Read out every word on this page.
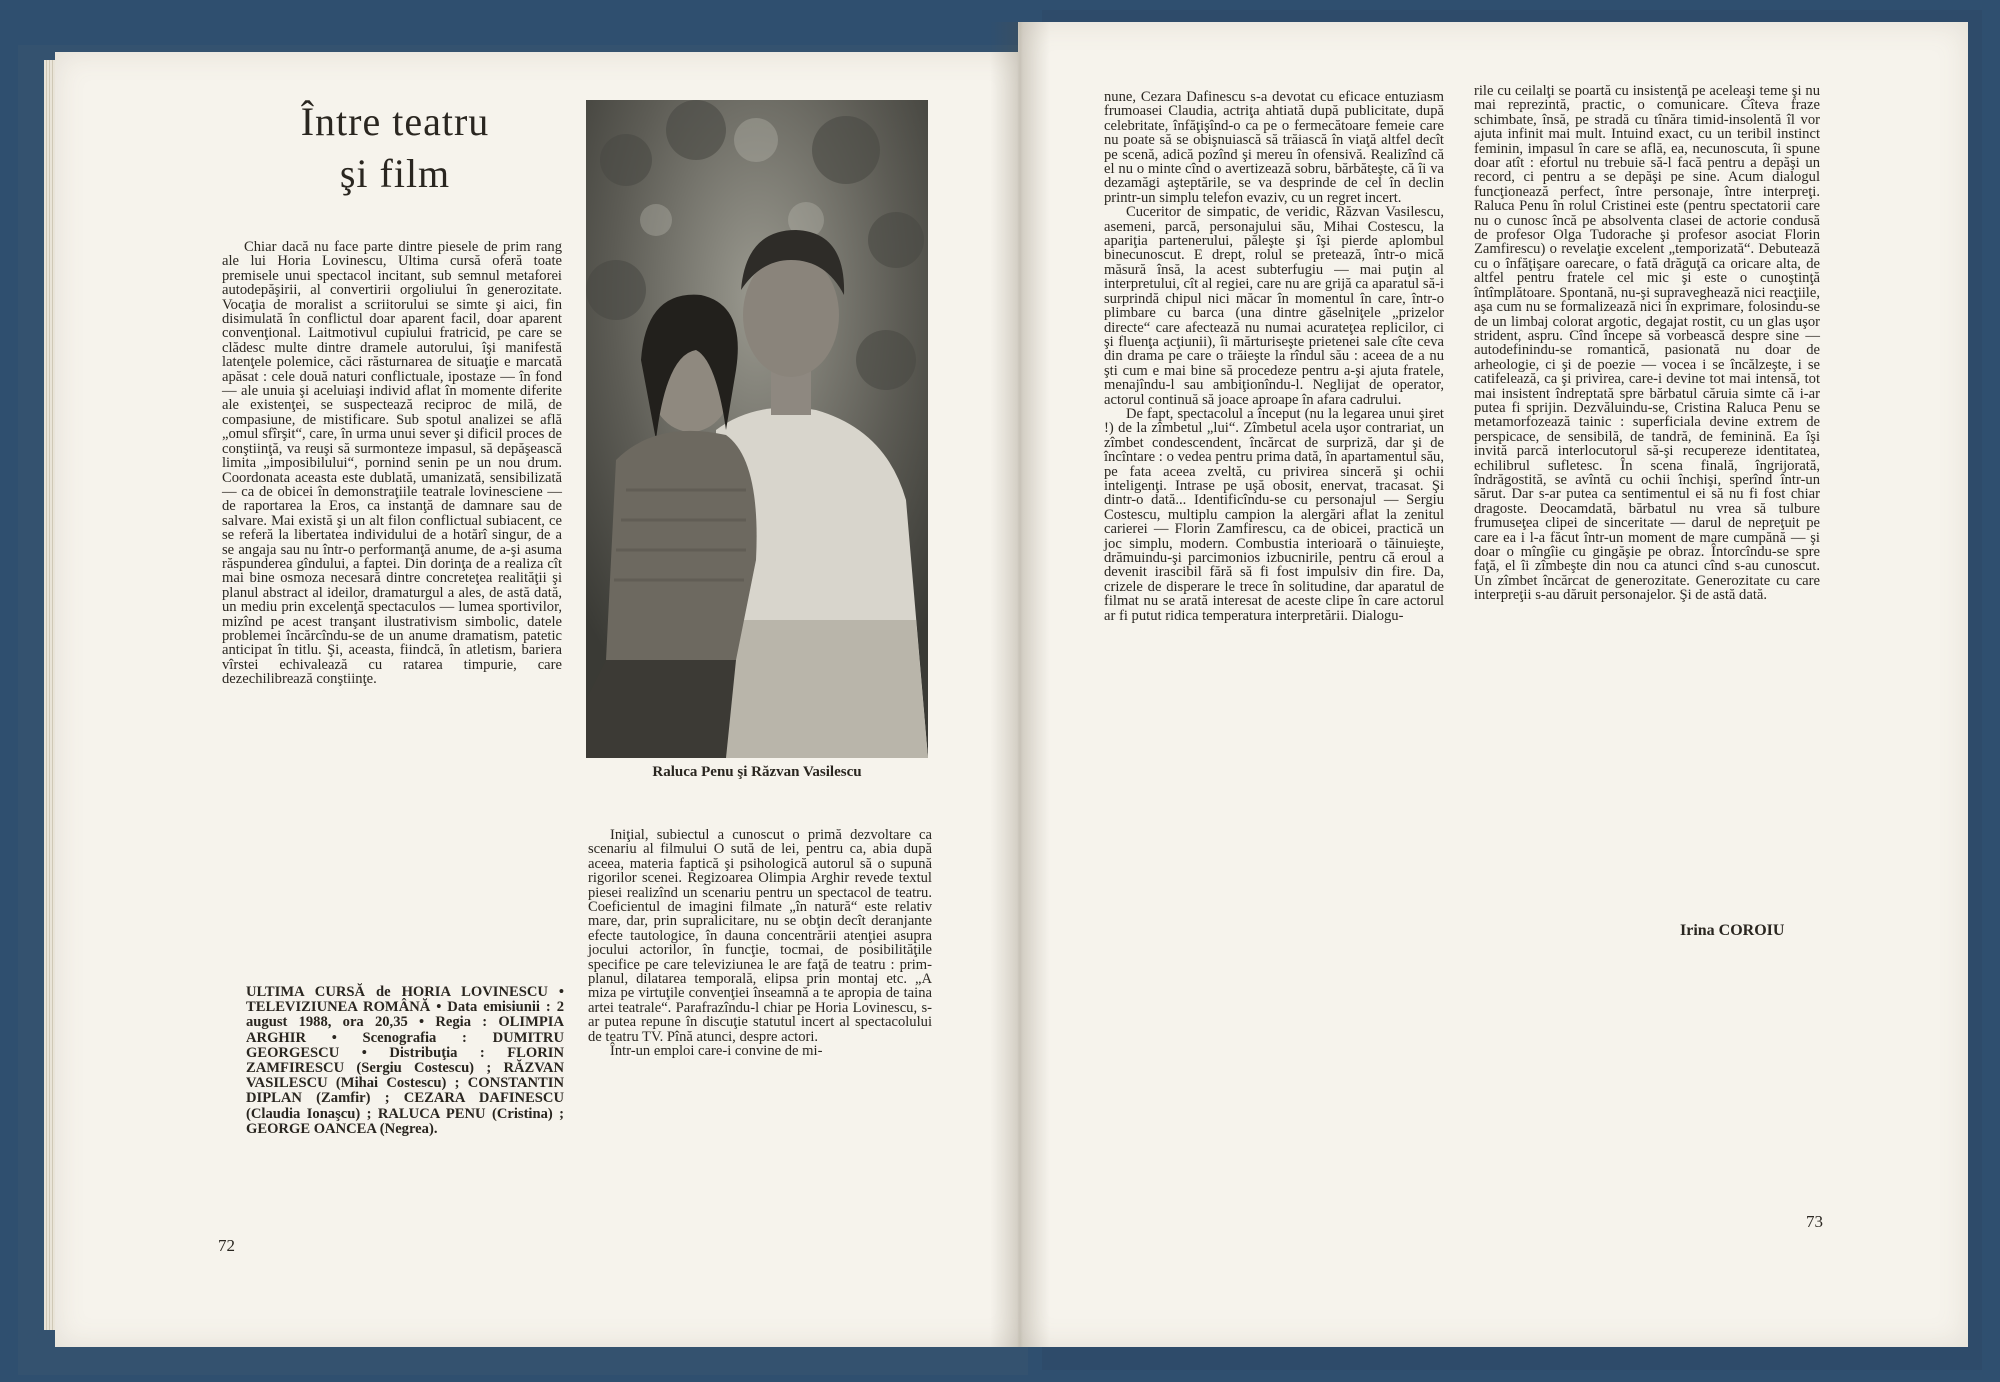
Între teatru
şi film

Chiar dacă nu face parte dintre piesele de prim rang ale lui Horia Lovinescu, Ultima cursă oferă toate premisele unui spectacol incitant, sub semnul metaforei autodepăşirii, al convertirii orgoliului în generozitate. Vocaţia de moralist a scriitorului se simte şi aici, fin disimulată în conflictul doar aparent facil, doar aparent convenţional. Laitmotivul cupiului fratricid, pe care se clădesc multe dintre dramele autorului, îşi manifestă latenţele polemice, căci răsturnarea de situaţie e marcată apăsat : cele două naturi conflictuale, ipostaze — în fond — ale unuia şi aceluiaşi individ aflat în momente diferite ale existenţei, se suspectează reciproc de milă, de compasiune, de mistificare. Sub spotul analizei se află „omul sfîrşit“, care, în urma unui sever şi dificil proces de conştiinţă, va reuşi să surmonteze impasul, să depăşească limita „imposibilului“, pornind senin pe un nou drum. Coordonata aceasta este dublată, umanizată, sensibilizată — ca de obicei în demonstraţiile teatrale lovinesciene — de raportarea la Eros, ca instanţă de damnare sau de salvare. Mai există şi un alt filon conflictual subiacent, ce se referă la libertatea individului de a hotărî singur, de a se angaja sau nu într-o performanţă anume, de a-şi asuma răspunderea gîndului, a faptei. Din dorinţa de a realiza cît mai bine osmoza necesară dintre concreteţea realităţii şi planul abstract al ideilor, dramaturgul a ales, de astă dată, un mediu prin excelenţă spectaculos — lumea sportivilor, mizînd pe acest tranşant ilustrativism simbolic, datele problemei încărcîndu-se de un anume dramatism, patetic anticipat în titlu. Şi, aceasta, fiindcă, în atletism, bariera vîrstei echivalează cu ratarea timpurie, care dezechilibrează conştiinţe.

Raluca Penu şi Răzvan Vasilescu
ULTIMA CURSĂ de HORIA LOVINESCU • TELEVIZIUNEA ROMÂNĂ • Data emisiunii : 2 august 1988, ora 20,35 • Regia : OLIMPIA ARGHIR • Scenografia : DUMITRU GEORGESCU • Distribuţia : FLORIN ZAMFIRESCU (Sergiu Costescu) ; RĂZVAN VASILESCU (Mihai Costescu) ; CONSTANTIN DIPLAN (Zamfir) ; CEZARA DAFINESCU (Claudia Ionaşcu) ; RALUCA PENU (Cristina) ; GEORGE OANCEA (Negrea).

Iniţial, subiectul a cunoscut o primă dezvoltare ca scenariu al filmului O sută de lei, pentru ca, abia după aceea, materia faptică şi psihologică autorul să o supună rigorilor scenei. Regizoarea Olimpia Arghir revede textul piesei realizînd un scenariu pentru un spectacol de teatru. Coeficientul de imagini filmate „în natură“ este relativ mare, dar, prin supralicitare, nu se obţin decît deranjante efecte tautologice, în dauna concentrării atenţiei asupra jocului actorilor, în funcţie, tocmai, de posibilităţile specifice pe care televiziunea le are faţă de teatru : prim-planul, dilatarea temporală, elipsa prin montaj etc. „A miza pe virtuţile convenţiei înseamnă a te apropia de taina artei teatrale“. Parafrazîndu-l chiar pe Horia Lovinescu, s-ar putea repune în discuţie statutul incert al spectacolului de teatru TV. Pînă atunci, despre actori.

Într-un emploi care-i convine de mi-

nune, Cezara Dafinescu s-a devotat cu eficace entuziasm frumoasei Claudia, actriţa ahtiată după publicitate, după celebritate, înfăţişînd-o ca pe o fermecătoare femeie care nu poate să se obişnuiască să trăiască în viaţă altfel decît pe scenă, adică pozînd şi mereu în ofensivă. Realizînd că el nu o minte cînd o avertizează sobru, bărbăteşte, că îi va dezamăgi aşteptările, se va desprinde de cel în declin printr-un simplu telefon evaziv, cu un regret incert.

Cuceritor de simpatic, de veridic, Răzvan Vasilescu, asemeni, parcă, personajului său, Mihai Costescu, la apariţia partenerului, păleşte şi îşi pierde aplombul binecunoscut. E drept, rolul se pretează, într-o mică măsură însă, la acest subterfugiu — mai puţin al interpretului, cît al regiei, care nu are grijă ca aparatul să-i surprindă chipul nici măcar în momentul în care, într-o plimbare cu barca (una dintre găselniţele „prizelor directe“ care afectează nu numai acurateţea replicilor, ci şi fluenţa acţiunii), îi mărturiseşte prietenei sale cîte ceva din drama pe care o trăieşte la rîndul său : aceea de a nu şti cum e mai bine să procedeze pentru a-şi ajuta fratele, menajîndu-l sau ambiţionîndu-l. Neglijat de operator, actorul continuă să joace aproape în afara cadrului.

De fapt, spectacolul a început (nu la legarea unui şiret !) de la zîmbetul „lui“. Zîmbetul acela uşor contrariat, un zîmbet condescendent, încărcat de surpriză, dar şi de încîntare : o vedea pentru prima dată, în apartamentul său, pe fata aceea zveltă, cu privirea sinceră şi ochii inteligenţi. Intrase pe uşă obosit, enervat, tracasat. Şi dintr-o dată... Identificîndu-se cu personajul — Sergiu Costescu, multiplu campion la alergări aflat la zenitul carierei — Florin Zamfirescu, ca de obicei, practică un joc simplu, modern. Combustia interioară o tăinuieşte, drămuindu-şi parcimonios izbucnirile, pentru că eroul a devenit irascibil fără să fi fost impulsiv din fire. Da, crizele de disperare le trece în solitudine, dar aparatul de filmat nu se arată interesat de aceste clipe în care actorul ar fi putut ridica temperatura interpretării. Dialogu-

rile cu ceilalţi se poartă cu insistenţă pe aceleaşi teme şi nu mai reprezintă, practic, o comunicare. Cîteva fraze schimbate, însă, pe stradă cu tînăra timid-insolentă îl vor ajuta infinit mai mult. Intuind exact, cu un teribil instinct feminin, impasul în care se află, ea, necunoscuta, îi spune doar atît : efortul nu trebuie să-l facă pentru a depăşi un record, ci pentru a se depăşi pe sine. Acum dialogul funcţionează perfect, între personaje, între interpreţi. Raluca Penu în rolul Cristinei este (pentru spectatorii care nu o cunosc încă pe absolventa clasei de actorie condusă de profesor Olga Tudorache şi profesor asociat Florin Zamfirescu) o revelaţie excelent „temporizată“. Debutează cu o înfăţişare oarecare, o fată drăguţă ca oricare alta, de altfel pentru fratele cel mic şi este o cunoştinţă întîmplătoare. Spontană, nu-şi supraveghează nici reacţiile, aşa cum nu se formalizează nici în exprimare, folosindu-se de un limbaj colorat argotic, degajat rostit, cu un glas uşor strident, aspru. Cînd începe să vorbească despre sine — autodefinindu-se romantică, pasionată nu doar de arheologie, ci şi de poezie — vocea i se încălzeşte, i se catifelează, ca şi privirea, care-i devine tot mai intensă, tot mai insistent îndreptată spre bărbatul căruia simte că i-ar putea fi sprijin. Dezvăluindu-se, Cristina Raluca Penu se metamorfozează tainic : superficiala devine extrem de perspicace, de sensibilă, de tandră, de feminină. Ea îşi invită parcă interlocutorul să-şi recupereze identitatea, echilibrul sufletesc. În scena finală, îngrijorată, îndrăgostită, se avîntă cu ochii închişi, sperînd într-un sărut. Dar s-ar putea ca sentimentul ei să nu fi fost chiar dragoste. Deocamdată, bărbatul nu vrea să tulbure frumuseţea clipei de sinceritate — darul de nepreţuit pe care ea i l-a făcut într-un moment de mare cumpănă — şi doar o mîngîie cu gingăşie pe obraz. Întorcîndu-se spre faţă, el îi zîmbeşte din nou ca atunci cînd s-au cunoscut. Un zîmbet încărcat de generozitate. Generozitate cu care interpreţii s-au dăruit personajelor. Şi de astă dată.

Irina COROIU
72
73
